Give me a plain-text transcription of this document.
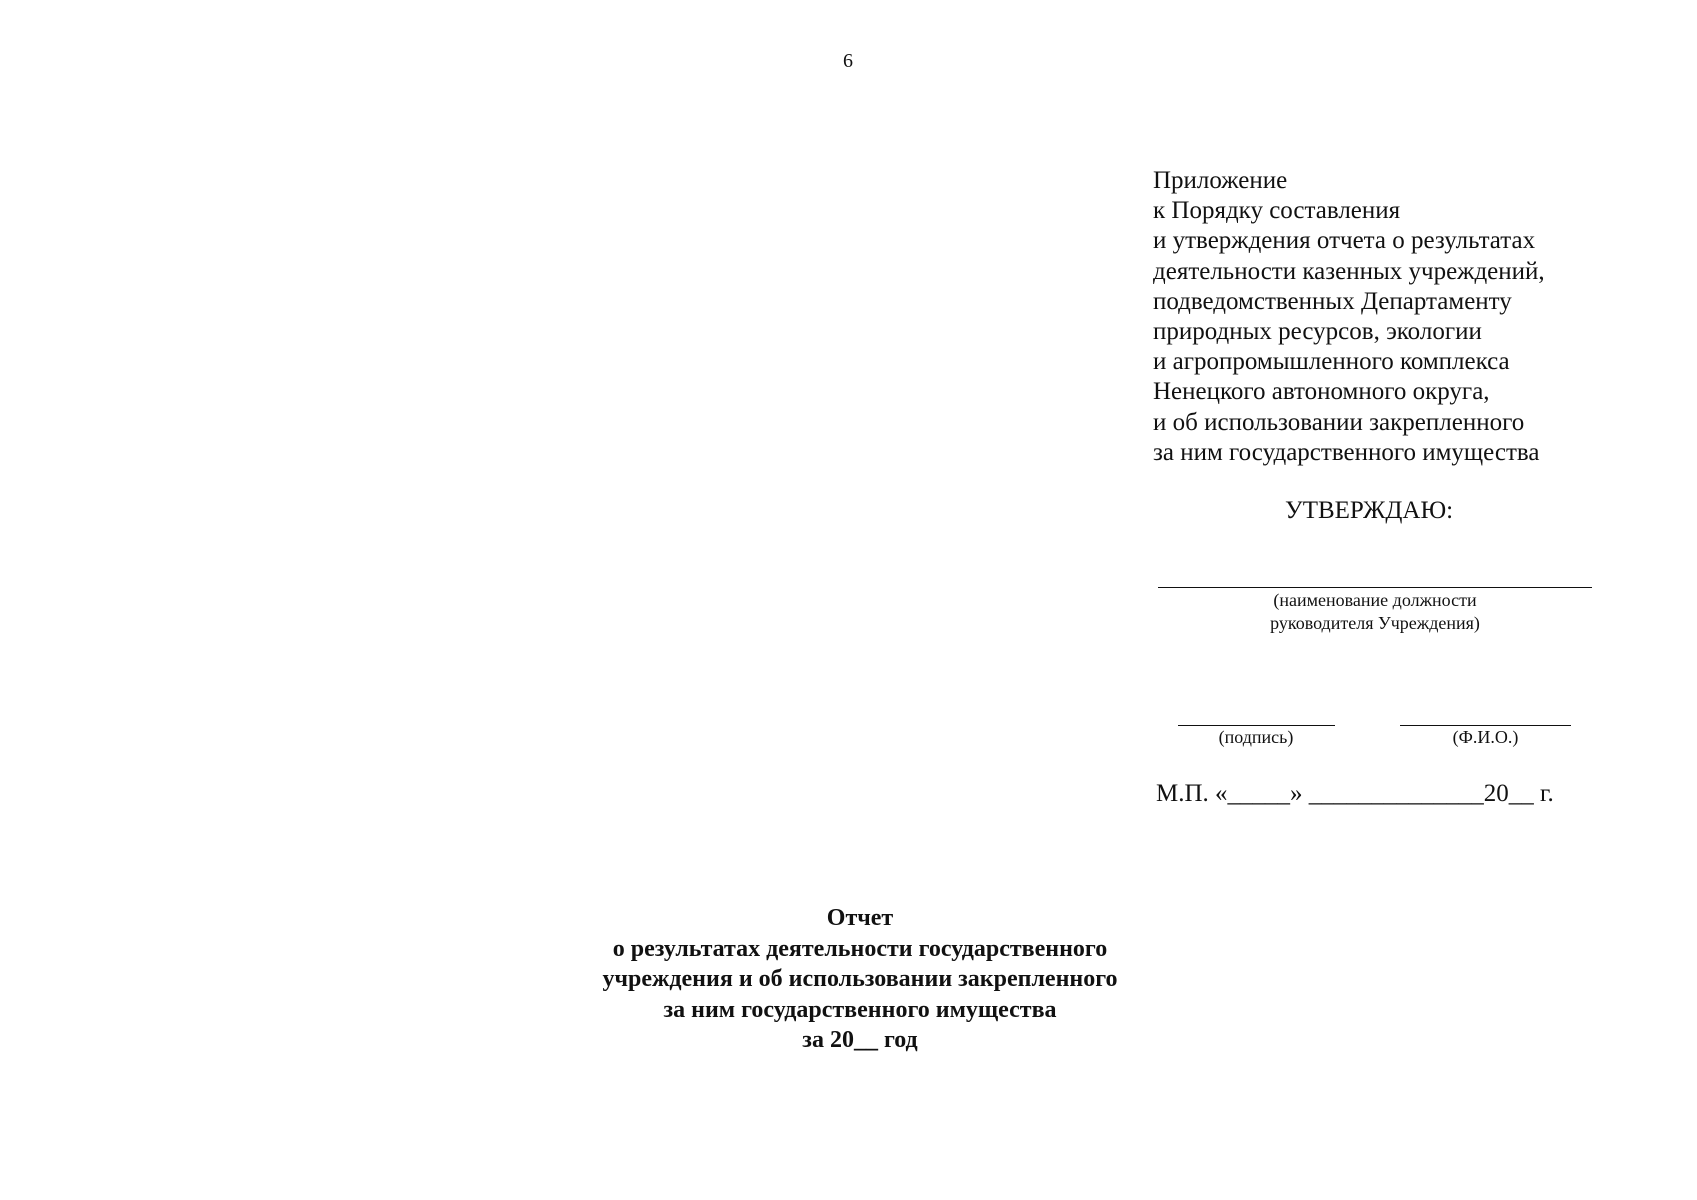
6
Приложение
к Порядку составления
и утверждения отчета о результатах
деятельности казенных учреждений,
подведомственных Департаменту
природных ресурсов, экологии
и агропромышленного комплекса
Ненецкого автономного округа,
и об использовании закрепленного
за ним государственного имущества
УТВЕРЖДАЮ:
(наименование должности
руководителя Учреждения)
(подпись)	(Ф.И.О.)
М.П. «_____» ______________20__ г.
Отчет
о результатах деятельности государственного
учреждения и об использовании закрепленного
за ним государственного имущества
за 20__ год
